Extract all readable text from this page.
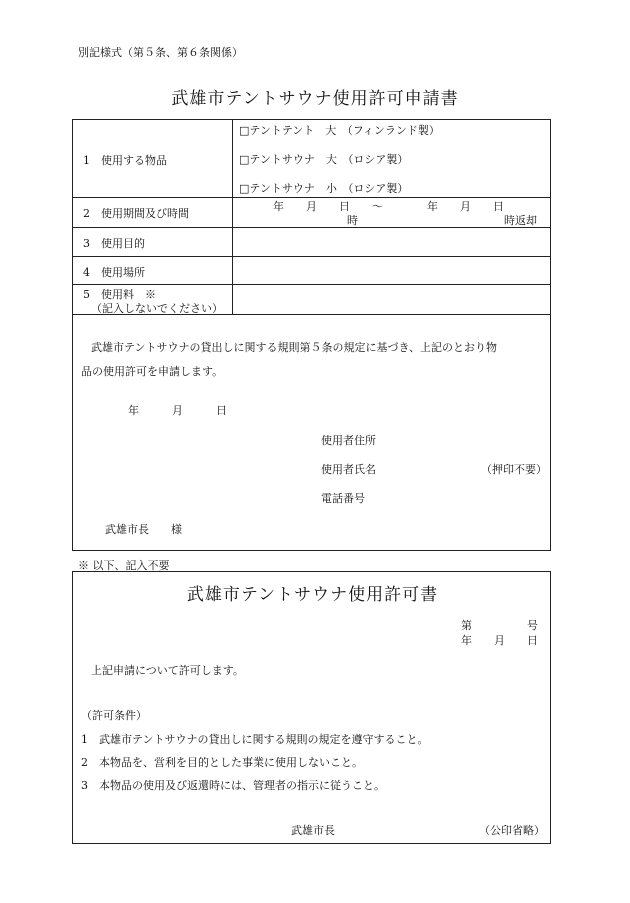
別記様式（第５条、第６条関係）
武雄市テントサウナ使用許可申請書
1　使用する物品
□テントテント　大　（フィンランド製）
□テントサウナ　大　（ロシア製）
□テントサウナ　小　（ロシア製）
2　使用期間及び時間
年　　月　　日　　～　　　　年　　月　　日
時	時返却
3　使用目的
4　使用場所
5　使用料　※
（記入しないでください）
武雄市テントサウナの貸出しに関する規則第５条の規定に基づき、上記のとおり物
品の使用許可を申請します。
年　　　月　　　日
使用者住所
使用者氏名	（押印不要）
電話番号
武雄市長　　様
※ 以下、記入不要
武雄市テントサウナ使用許可書
第　　　　　号
年　　月　　日
上記申請について許可します。
（許可条件）
1　武雄市テントサウナの貸出しに関する規則の規定を遵守すること。
2　本物品を、営利を目的とした事業に使用しないこと。
3　本物品の使用及び返還時には、管理者の指示に従うこと。
武雄市長	（公印省略）
